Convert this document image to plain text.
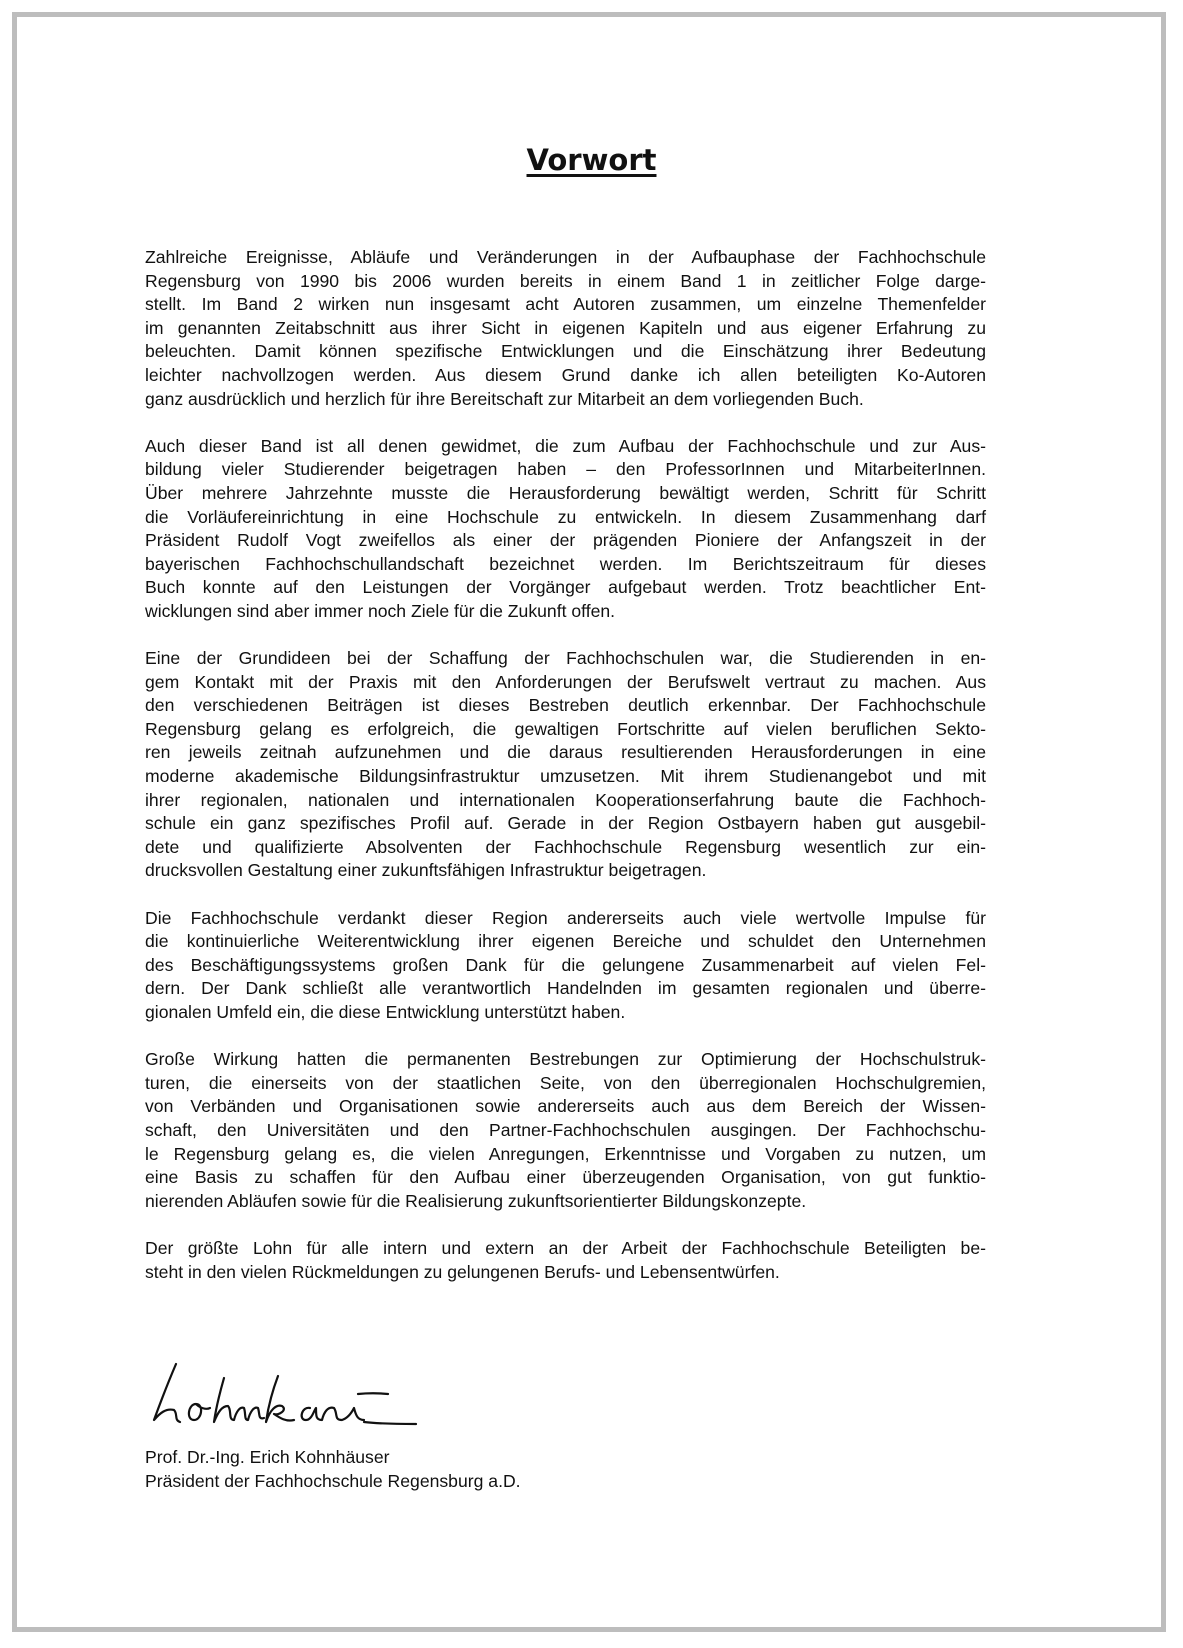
Vorwort
Zahlreiche Ereignisse, Abläufe und Veränderungen in der Aufbauphase der Fachhochschule
Regensburg von 1990 bis 2006 wurden bereits in einem Band 1 in zeitlicher Folge darge-
stellt. Im Band 2 wirken nun insgesamt acht Autoren zusammen, um einzelne Themenfelder
im genannten Zeitabschnitt aus ihrer Sicht in eigenen Kapiteln und aus eigener Erfahrung zu
beleuchten. Damit können spezifische Entwicklungen und die Einschätzung ihrer Bedeutung
leichter nachvollzogen werden. Aus diesem Grund danke ich allen beteiligten Ko-Autoren
ganz ausdrücklich und herzlich für ihre Bereitschaft zur Mitarbeit an dem vorliegenden Buch.
Auch dieser Band ist all denen gewidmet, die zum Aufbau der Fachhochschule und zur Aus-
bildung vieler Studierender beigetragen haben – den ProfessorInnen und MitarbeiterInnen.
Über mehrere Jahrzehnte musste die Herausforderung bewältigt werden, Schritt für Schritt
die Vorläufereinrichtung in eine Hochschule zu entwickeln. In diesem Zusammenhang darf
Präsident Rudolf Vogt zweifellos als einer der prägenden Pioniere der Anfangszeit in der
bayerischen Fachhochschullandschaft bezeichnet werden. Im Berichtszeitraum für dieses
Buch konnte auf den Leistungen der Vorgänger aufgebaut werden. Trotz beachtlicher Ent-
wicklungen sind aber immer noch Ziele für die Zukunft offen.
Eine der Grundideen bei der Schaffung der Fachhochschulen war, die Studierenden in en-
gem Kontakt mit der Praxis mit den Anforderungen der Berufswelt vertraut zu machen. Aus
den verschiedenen Beiträgen ist dieses Bestreben deutlich erkennbar. Der Fachhochschule
Regensburg gelang es erfolgreich, die gewaltigen Fortschritte auf vielen beruflichen Sekto-
ren jeweils zeitnah aufzunehmen und die daraus resultierenden Herausforderungen in eine
moderne akademische Bildungsinfrastruktur umzusetzen. Mit ihrem Studienangebot und mit
ihrer regionalen, nationalen und internationalen Kooperationserfahrung baute die Fachhoch-
schule ein ganz spezifisches Profil auf. Gerade in der Region Ostbayern haben gut ausgebil-
dete und qualifizierte Absolventen der Fachhochschule Regensburg wesentlich zur ein-
drucksvollen Gestaltung einer zukunftsfähigen Infrastruktur beigetragen.
Die Fachhochschule verdankt dieser Region andererseits auch viele wertvolle Impulse für
die kontinuierliche Weiterentwicklung ihrer eigenen Bereiche und schuldet den Unternehmen
des Beschäftigungssystems großen Dank für die gelungene Zusammenarbeit auf vielen Fel-
dern. Der Dank schließt alle verantwortlich Handelnden im gesamten regionalen und überre-
gionalen Umfeld ein, die diese Entwicklung unterstützt haben.
Große Wirkung hatten die permanenten Bestrebungen zur Optimierung der Hochschulstruk-
turen, die einerseits von der staatlichen Seite, von den überregionalen Hochschulgremien,
von Verbänden und Organisationen sowie andererseits auch aus dem Bereich der Wissen-
schaft, den Universitäten und den Partner-Fachhochschulen ausgingen. Der Fachhochschu-
le Regensburg gelang es, die vielen Anregungen, Erkenntnisse und Vorgaben zu nutzen, um
eine Basis zu schaffen für den Aufbau einer überzeugenden Organisation, von gut funktio-
nierenden Abläufen sowie für die Realisierung zukunftsorientierter Bildungskonzepte.
Der größte Lohn für alle intern und extern an der Arbeit der Fachhochschule Beteiligten be-
steht in den vielen Rückmeldungen zu gelungenen Berufs- und Lebensentwürfen.
Prof. Dr.-Ing. Erich Kohnhäuser
Präsident der Fachhochschule Regensburg a.D.
